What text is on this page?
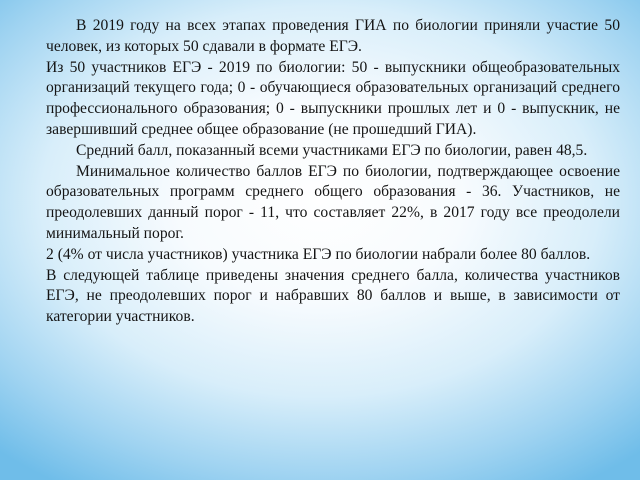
В 2019 году на всех этапах проведения ГИА по биологии приняли участие 50 человек, из которых 50 сдавали в формате ЕГЭ.

Из 50 участников ЕГЭ - 2019 по биологии: 50 - выпускники общеобразовательных организаций текущего года; 0 - обучающиеся образовательных организаций среднего профессионального образования; 0 - выпускники прошлых лет и 0 - выпускник, не завершивший среднее общее образование (не прошедший ГИА).

Средний балл, показанный всеми участниками ЕГЭ по биологии, равен 48,5.

Минимальное количество баллов ЕГЭ по биологии, подтверждающее освоение образовательных программ среднего общего образования - 36. Участников, не преодолевших данный порог - 11, что составляет 22%, в 2017 году все преодолели минимальный порог.

2 (4% от числа участников) участника ЕГЭ по биологии набрали более 80 баллов.

В следующей таблице приведены значения среднего балла, количества участников ЕГЭ, не преодолевших порог и набравших 80 баллов и выше, в зависимости от категории участников.
